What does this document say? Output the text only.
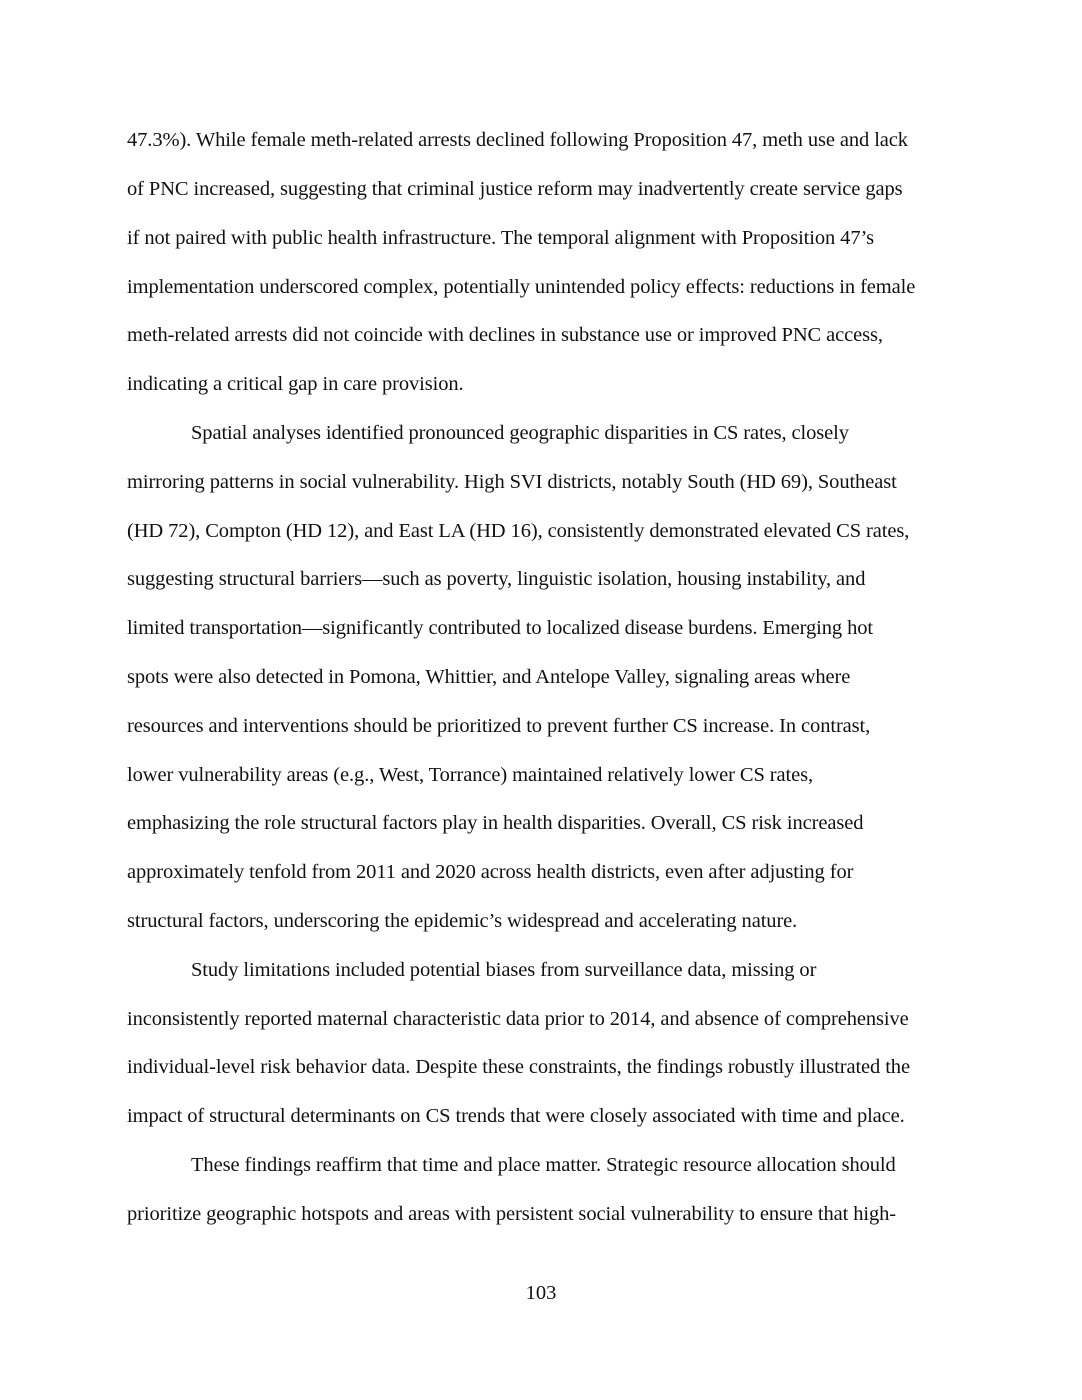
47.3%). While female meth-related arrests declined following Proposition 47, meth use and lack
of PNC increased, suggesting that criminal justice reform may inadvertently create service gaps
if not paired with public health infrastructure. The temporal alignment with Proposition 47’s
implementation underscored complex, potentially unintended policy effects: reductions in female
meth-related arrests did not coincide with declines in substance use or improved PNC access,
indicating a critical gap in care provision.
Spatial analyses identified pronounced geographic disparities in CS rates, closely
mirroring patterns in social vulnerability. High SVI districts, notably South (HD 69), Southeast
(HD 72), Compton (HD 12), and East LA (HD 16), consistently demonstrated elevated CS rates,
suggesting structural barriers—such as poverty, linguistic isolation, housing instability, and
limited transportation—significantly contributed to localized disease burdens. Emerging hot
spots were also detected in Pomona, Whittier, and Antelope Valley, signaling areas where
resources and interventions should be prioritized to prevent further CS increase. In contrast,
lower vulnerability areas (e.g., West, Torrance) maintained relatively lower CS rates,
emphasizing the role structural factors play in health disparities. Overall, CS risk increased
approximately tenfold from 2011 and 2020 across health districts, even after adjusting for
structural factors, underscoring the epidemic’s widespread and accelerating nature.
Study limitations included potential biases from surveillance data, missing or
inconsistently reported maternal characteristic data prior to 2014, and absence of comprehensive
individual-level risk behavior data. Despite these constraints, the findings robustly illustrated the
impact of structural determinants on CS trends that were closely associated with time and place.
These findings reaffirm that time and place matter. Strategic resource allocation should
prioritize geographic hotspots and areas with persistent social vulnerability to ensure that high-
103
